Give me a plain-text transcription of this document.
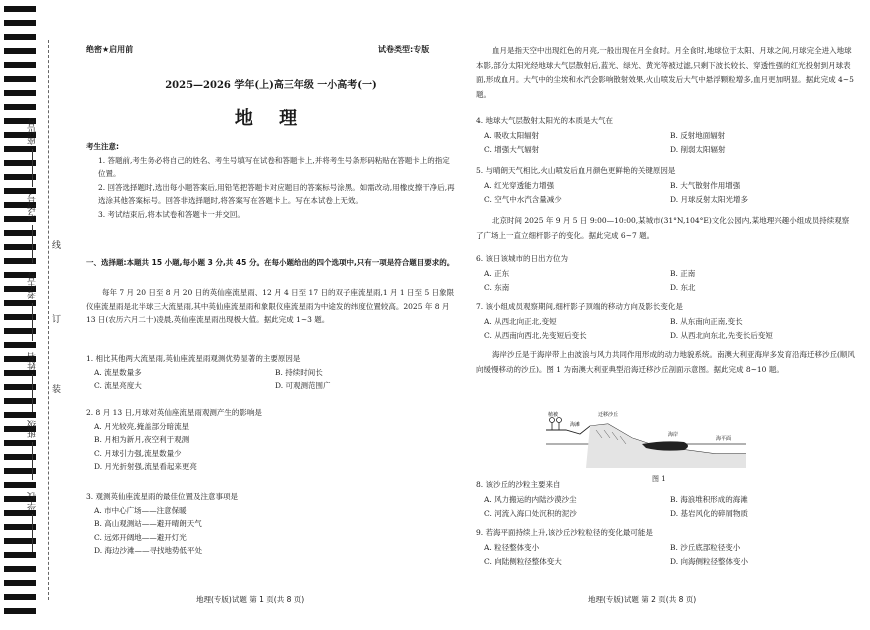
座位号
考场号
考生号
姓名
班级
学校
线
订
装
绝密★启用前	试卷类型:专版
2025—2026 学年(上)高三年级 一小高考(一)
地 理
考生注意:
1. 答题前,考生务必将自己的姓名、考生号填写在试卷和答题卡上,并将考生号条形码粘贴在答题卡上的指定位置。
2. 回答选择题时,选出每小题答案后,用铅笔把答题卡对应题目的答案标号涂黑。如需改动,用橡皮擦干净后,再选涂其他答案标号。回答非选择题时,将答案写在答题卡上。写在本试卷上无效。
3. 考试结束后,将本试卷和答题卡一并交回。
一、选择题:本题共 15 小题,每小题 3 分,共 45 分。在每小题给出的四个选项中,只有一项是符合题目要求的。
每年 7 月 20 日至 8 月 20 日的英仙座流星雨、12 月 4 日至 17 日的双子座流星雨,1 月 1 日至 5 日象限仪座流星雨是北半球三大流星雨,其中英仙座流星雨和象限仪座流星雨为中途发的纬度位置较高。2025 年 8 月 13 日(农历六月二十)凌晨,英仙座流星雨出现极大值。据此完成 1~3 题。
1. 相比其他两大流星雨,英仙座流星雨观测优势显著的主要原因是
A. 流星数量多	B. 持续时间长
C. 流星亮度大	D. 可观测范围广
2. 8 月 13 日,月球对英仙座流星雨观测产生的影响是
A. 月光较亮,掩盖部分暗流星
B. 月相为新月,夜空利于观测
C. 月球引力强,流星数量少
D. 月光折射强,流星看起来更亮
3. 观测英仙座流星雨的最佳位置及注意事项是
A. 市中心广场——注意保暖
B. 高山观测站——避开晴朗天气
C. 远郊开阔地——避开灯光
D. 海边沙滩——寻找地势低平处
地理(专版)试题 第 1 页(共 8 页)
血月是指天空中出现红色的月亮,一般出现在月全食时。月全食时,地球位于太阳、月球之间,月球完全进入地球本影,部分太阳光经地球大气层散射后,蓝光、绿光、黄光等被过滤,只剩下波长较长、穿透性强的红光投射到月球表面,形成血月。大气中的尘埃和水汽会影响散射效果,火山喷发后大气中悬浮颗粒增多,血月更加明显。据此完成 4~5 题。
4. 地球大气层散射太阳光的本质是大气在
A. 吸收太阳辐射	B. 反射地面辐射
C. 增强大气辐射	D. 削弱太阳辐射
5. 与晴朗天气相比,火山喷发后血月颜色更鲜艳的关键原因是
A. 红光穿透能力增强	B. 大气散射作用增强
C. 空气中水汽含量减少	D. 月球反射太阳光增多
北京时间 2025 年 9 月 5 日 9:00—10:00,某城市(31°N,104°E)文化公园内,某地理兴趣小组成员持续观察了广场上一直立细杆影子的变化。据此完成 6~7 题。
6. 该日该城市的日出方位为
A. 正东	B. 正南
C. 东南	D. 东北
7. 该小组成员观察期间,细杆影子顶端的移动方向及影长变化是
A. 从西北向正北,变短	B. 从东南向正南,变长
C. 从西南向西北,先变短后变长	D. 从西北向东北,先变长后变短
海岸沙丘是于海岸带上由波浪与风力共同作用形成的动力地貌系统。南澳大利亚海岸多发育沿海迁移沙丘(顺风向缓慢移动的沙丘)。图 1 为南澳大利亚典型沿海迁移沙丘剖面示意图。据此完成 8~10 题。
植被
海滩
迁移沙丘
海岸
海平面
图 1
8. 该沙丘的沙粒主要来自
A. 风力搬运的内陆沙漠沙尘	B. 海浪堆积形成的海滩
C. 河流入海口处沉积的泥沙	D. 基岩风化的碎屑物质
9. 若海平面持续上升,该沙丘沙粒粒径的变化最可能是
A. 粒径整体变小	B. 沙丘底部粒径变小
C. 向陆侧粒径整体变大	D. 向海侧粒径整体变小
地理(专版)试题 第 2 页(共 8 页)
